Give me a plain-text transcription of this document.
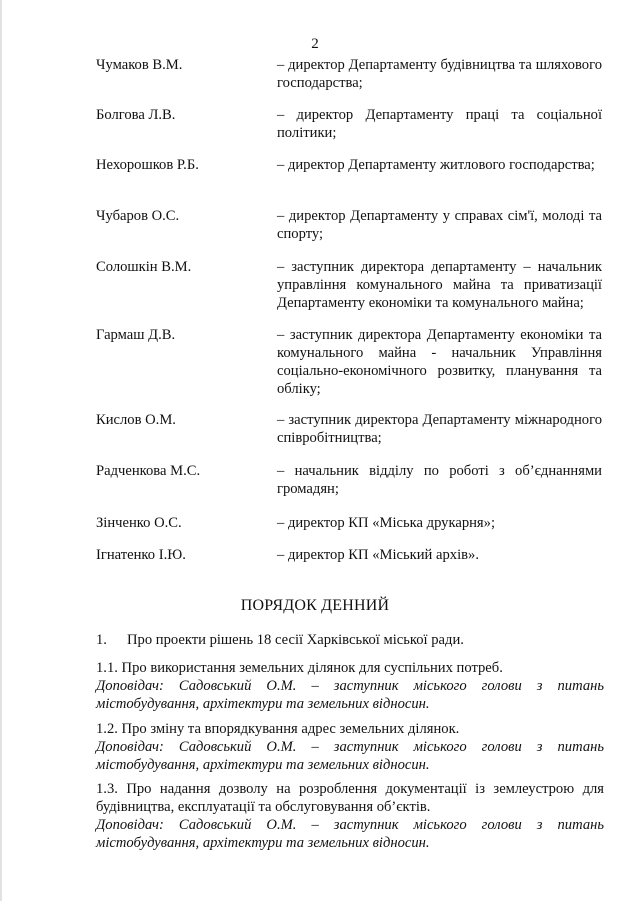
2
Чумаков В.М.	– директор Департаменту будівництва та шляхового господарства;
Болгова Л.В.	– директор Департаменту праці та соціальної політики;
Нехорошков Р.Б.	– директор Департаменту житлового господарства;
Чубаров О.С.	– директор Департаменту у справах сім'ї, молоді та спорту;
Солошкін В.М.	– заступник директора департаменту – начальник управління комунального майна та приватизації Департаменту економіки та комунального майна;
Гармаш Д.В.	– заступник директора Департаменту економіки та комунального майна - начальник Управління соціально-економічного розвитку, планування та обліку;
Кислов О.М.	– заступник директора Департаменту міжнародного співробітництва;
Радченкова М.С.	– начальник відділу по роботі з об’єднаннями громадян;
Зінченко О.С.	– директор КП «Міська друкарня»;
Ігнатенко І.Ю.	– директор КП «Міський архів».
ПОРЯДОК ДЕННИЙ
1. Про проекти рішень 18 сесії Харківської міської ради.
1.1. Про використання земельних ділянок для суспільних потреб.
Доповідач: Садовський О.М. – заступник міського голови з питань містобудування, архітектури та земельних відносин.
1.2. Про зміну та впорядкування адрес земельних ділянок.
Доповідач: Садовський О.М. – заступник міського голови з питань містобудування, архітектури та земельних відносин.
1.3. Про надання дозволу на розроблення документації із землеустрою для будівництва, експлуатації та обслуговування об’єктів.
Доповідач: Садовський О.М. – заступник міського голови з питань містобудування, архітектури та земельних відносин.
